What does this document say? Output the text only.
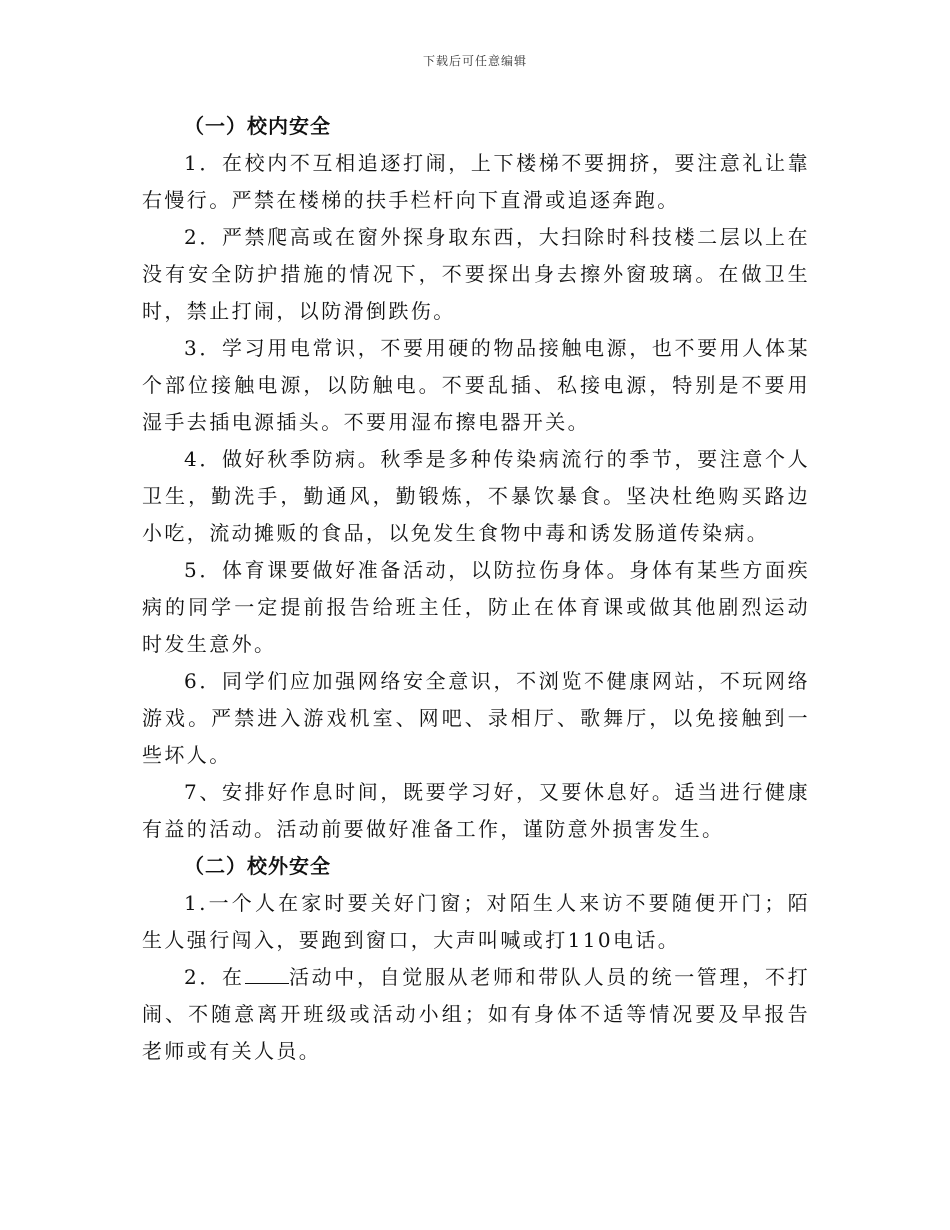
下载后可任意编辑

（一）校内安全

1．在校内不互相追逐打闹，上下楼梯不要拥挤，要注意礼让靠右慢行。严禁在楼梯的扶手栏杆向下直滑或追逐奔跑。

2．严禁爬高或在窗外探身取东西，大扫除时科技楼二层以上在没有安全防护措施的情况下，不要探出身去擦外窗玻璃。在做卫生时，禁止打闹，以防滑倒跌伤。

3．学习用电常识，不要用硬的物品接触电源，也不要用人体某个部位接触电源，以防触电。不要乱插、私接电源，特别是不要用湿手去插电源插头。不要用湿布擦电器开关。

4．做好秋季防病。秋季是多种传染病流行的季节，要注意个人卫生，勤洗手，勤通风，勤锻炼，不暴饮暴食。坚决杜绝购买路边小吃，流动摊贩的食品，以免发生食物中毒和诱发肠道传染病。

5．体育课要做好准备活动，以防拉伤身体。身体有某些方面疾病的同学一定提前报告给班主任，防止在体育课或做其他剧烈运动时发生意外。

6．同学们应加强网络安全意识，不浏览不健康网站，不玩网络游戏。严禁进入游戏机室、网吧、录相厅、歌舞厅，以免接触到一些坏人。

7、安排好作息时间，既要学习好，又要休息好。适当进行健康有益的活动。活动前要做好准备工作，谨防意外损害发生。

（二）校外安全

1.一个人在家时要关好门窗；对陌生人来访不要随便开门；陌生人强行闯入，要跑到窗口，大声叫喊或打110电话。

2．在 活动中，自觉服从老师和带队人员的统一管理，不打闹、不随意离开班级或活动小组；如有身体不适等情况要及早报告老师或有关人员。
